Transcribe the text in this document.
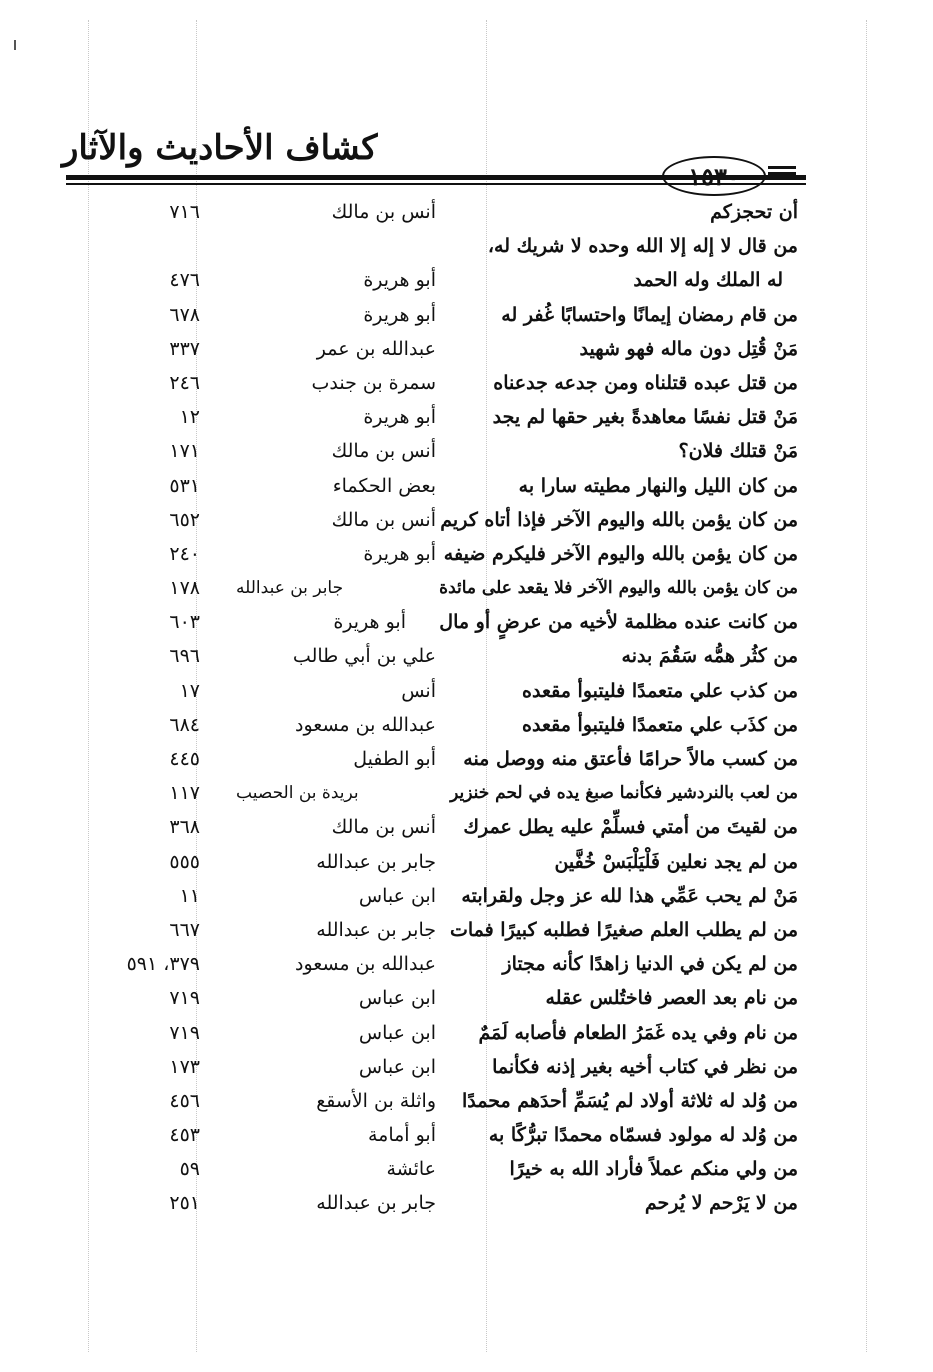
كشاف الأحاديث والآثار
أن تحجزكم
أنس بن مالك
٧١٦
من قال لا إله إلا الله وحده لا شريك له،
له الملك وله الحمد
أبو هريرة
٤٧٦
من قام رمضان إيمانًا واحتسابًا غُفر له
أبو هريرة
٦٧٨
مَنْ قُتِل دون ماله فهو شهيد
عبدالله بن عمر
٣٣٧
من قتل عبده قتلناه ومن جدعه جدعناه
سمرة بن جندب
٢٤٦
مَنْ قتل نفسًا معاهدةً بغير حقها لم يجد
أبو هريرة
١٢
مَنْ قتلك فلان؟
أنس بن مالك
١٧١
من كان الليل والنهار مطيته سارا به
بعض الحكماء
٥٣١
من كان يؤمن بالله واليوم الآخر فإذا أتاه كريم
أنس بن مالك
٦٥٢
من كان يؤمن بالله واليوم الآخر فليكرم ضيفه
أبو هريرة
٢٤٠
من كان يؤمن بالله واليوم الآخر فلا يقعد على مائدة
جابر بن عبدالله
١٧٨
من كانت عنده مظلمة لأخيه من عرضٍ أو مال
أبو هريرة
٦٠٣
من كثُر همُّه سَقُمَ بدنه
علي بن أبي طالب
٦٩٦
من كذب علي متعمدًا فليتبوأ مقعده
أنس
١٧
من كذَب علي متعمدًا فليتبوأ مقعده
عبدالله بن مسعود
٦٨٤
من كسب مالاً حرامًا فأعتق منه ووصل منه
أبو الطفيل
٤٤٥
من لعب بالنردشير فكأنما صبغ يده في لحم خنزير
بريدة بن الحصيب
١١٧
من لقيتَ من أمتي فسلِّمْ عليه يطل عمرك
أنس بن مالك
٣٦٨
من لم يجد نعلين فَلْيَلْبَسْ خُفَّين
جابر بن عبدالله
٥٥٥
مَنْ لم يحب عَمِّي هذا لله عز وجل ولقرابته
ابن عباس
١١
من لم يطلب العلم صغيرًا فطلبه كبيرًا فمات
جابر بن عبدالله
٦٦٧
من لم يكن في الدنيا زاهدًا كأنه مجتاز
عبدالله بن مسعود
٣٧٩، ٥٩١
من نام بعد العصر فاختُلس عقله
ابن عباس
٧١٩
من نام وفي يده غَمَرُ الطعام فأصابه لَمَمٌ
ابن عباس
٧١٩
من نظر في كتاب أخيه بغير إذنه فكأنما
ابن عباس
١٧٣
من وُلد له ثلاثة أولاد لم يُسَمِّ أحدَهم محمدًا
واثلة بن الأسقع
٤٥٦
من وُلد له مولود فسمّاه محمدًا تبرُّكًا به
أبو أمامة
٤٥٣
من ولي منكم عملاً فأراد الله به خيرًا
عائشة
٥٩
من لا يَرْحم لا يُرحم
جابر بن عبدالله
٢٥١
